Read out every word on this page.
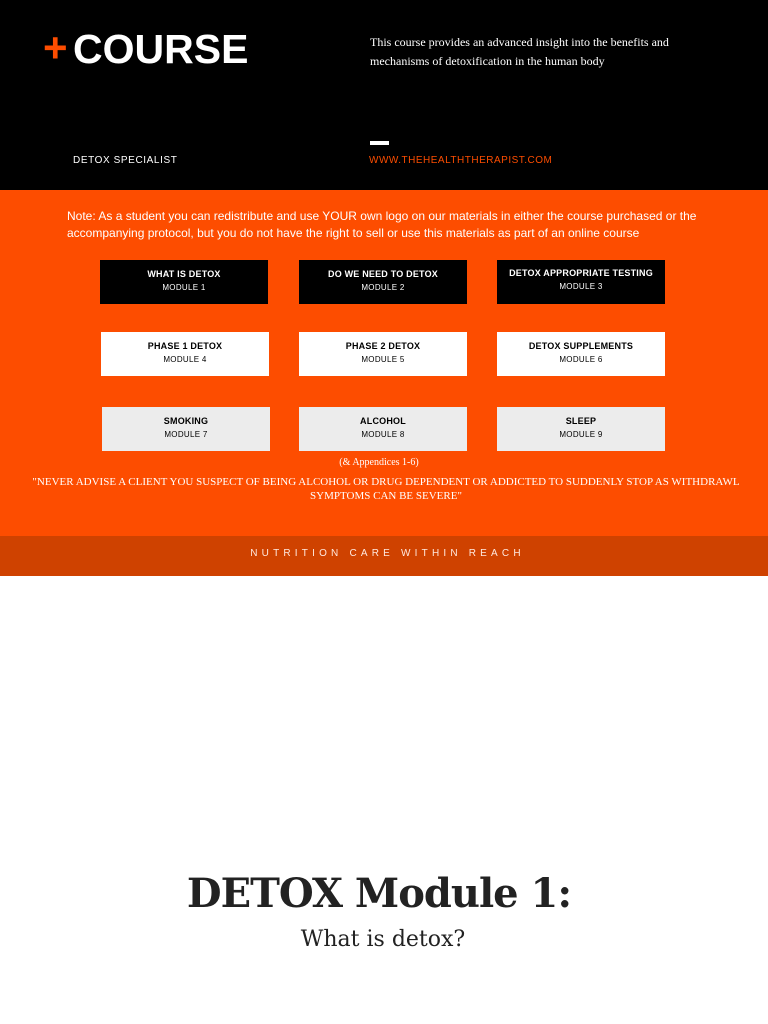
+ COURSE	This course provides an advanced insight into the benefits and mechanisms of detoxification in the human body
DETOX SPECIALIST	WWW.THEHEALTHTHERAPIST.COM
Note: As a student you can redistribute and use YOUR own logo on our materials in either the course purchased or the accompanying protocol, but you do not have the right to sell or use this materials as part of an online course
WHAT IS DETOX
MODULE 1
DO WE NEED TO DETOX
MODULE 2
DETOX APPROPRIATE TESTING
MODULE 3
PHASE 1 DETOX
MODULE 4
PHASE 2 DETOX
MODULE 5
DETOX SUPPLEMENTS
MODULE 6
SMOKING
MODULE 7
ALCOHOL
MODULE 8
SLEEP
MODULE 9
(& Appendices 1-6)
"NEVER ADVISE A CLIENT YOU SUSPECT OF BEING ALCOHOL OR DRUG DEPENDENT OR ADDICTED TO SUDDENLY STOP AS WITHDRAWL SYMPTOMS CAN BE SEVERE"
NUTRITION CARE WITHIN REACH
DETOX Module 1:
What is detox?
